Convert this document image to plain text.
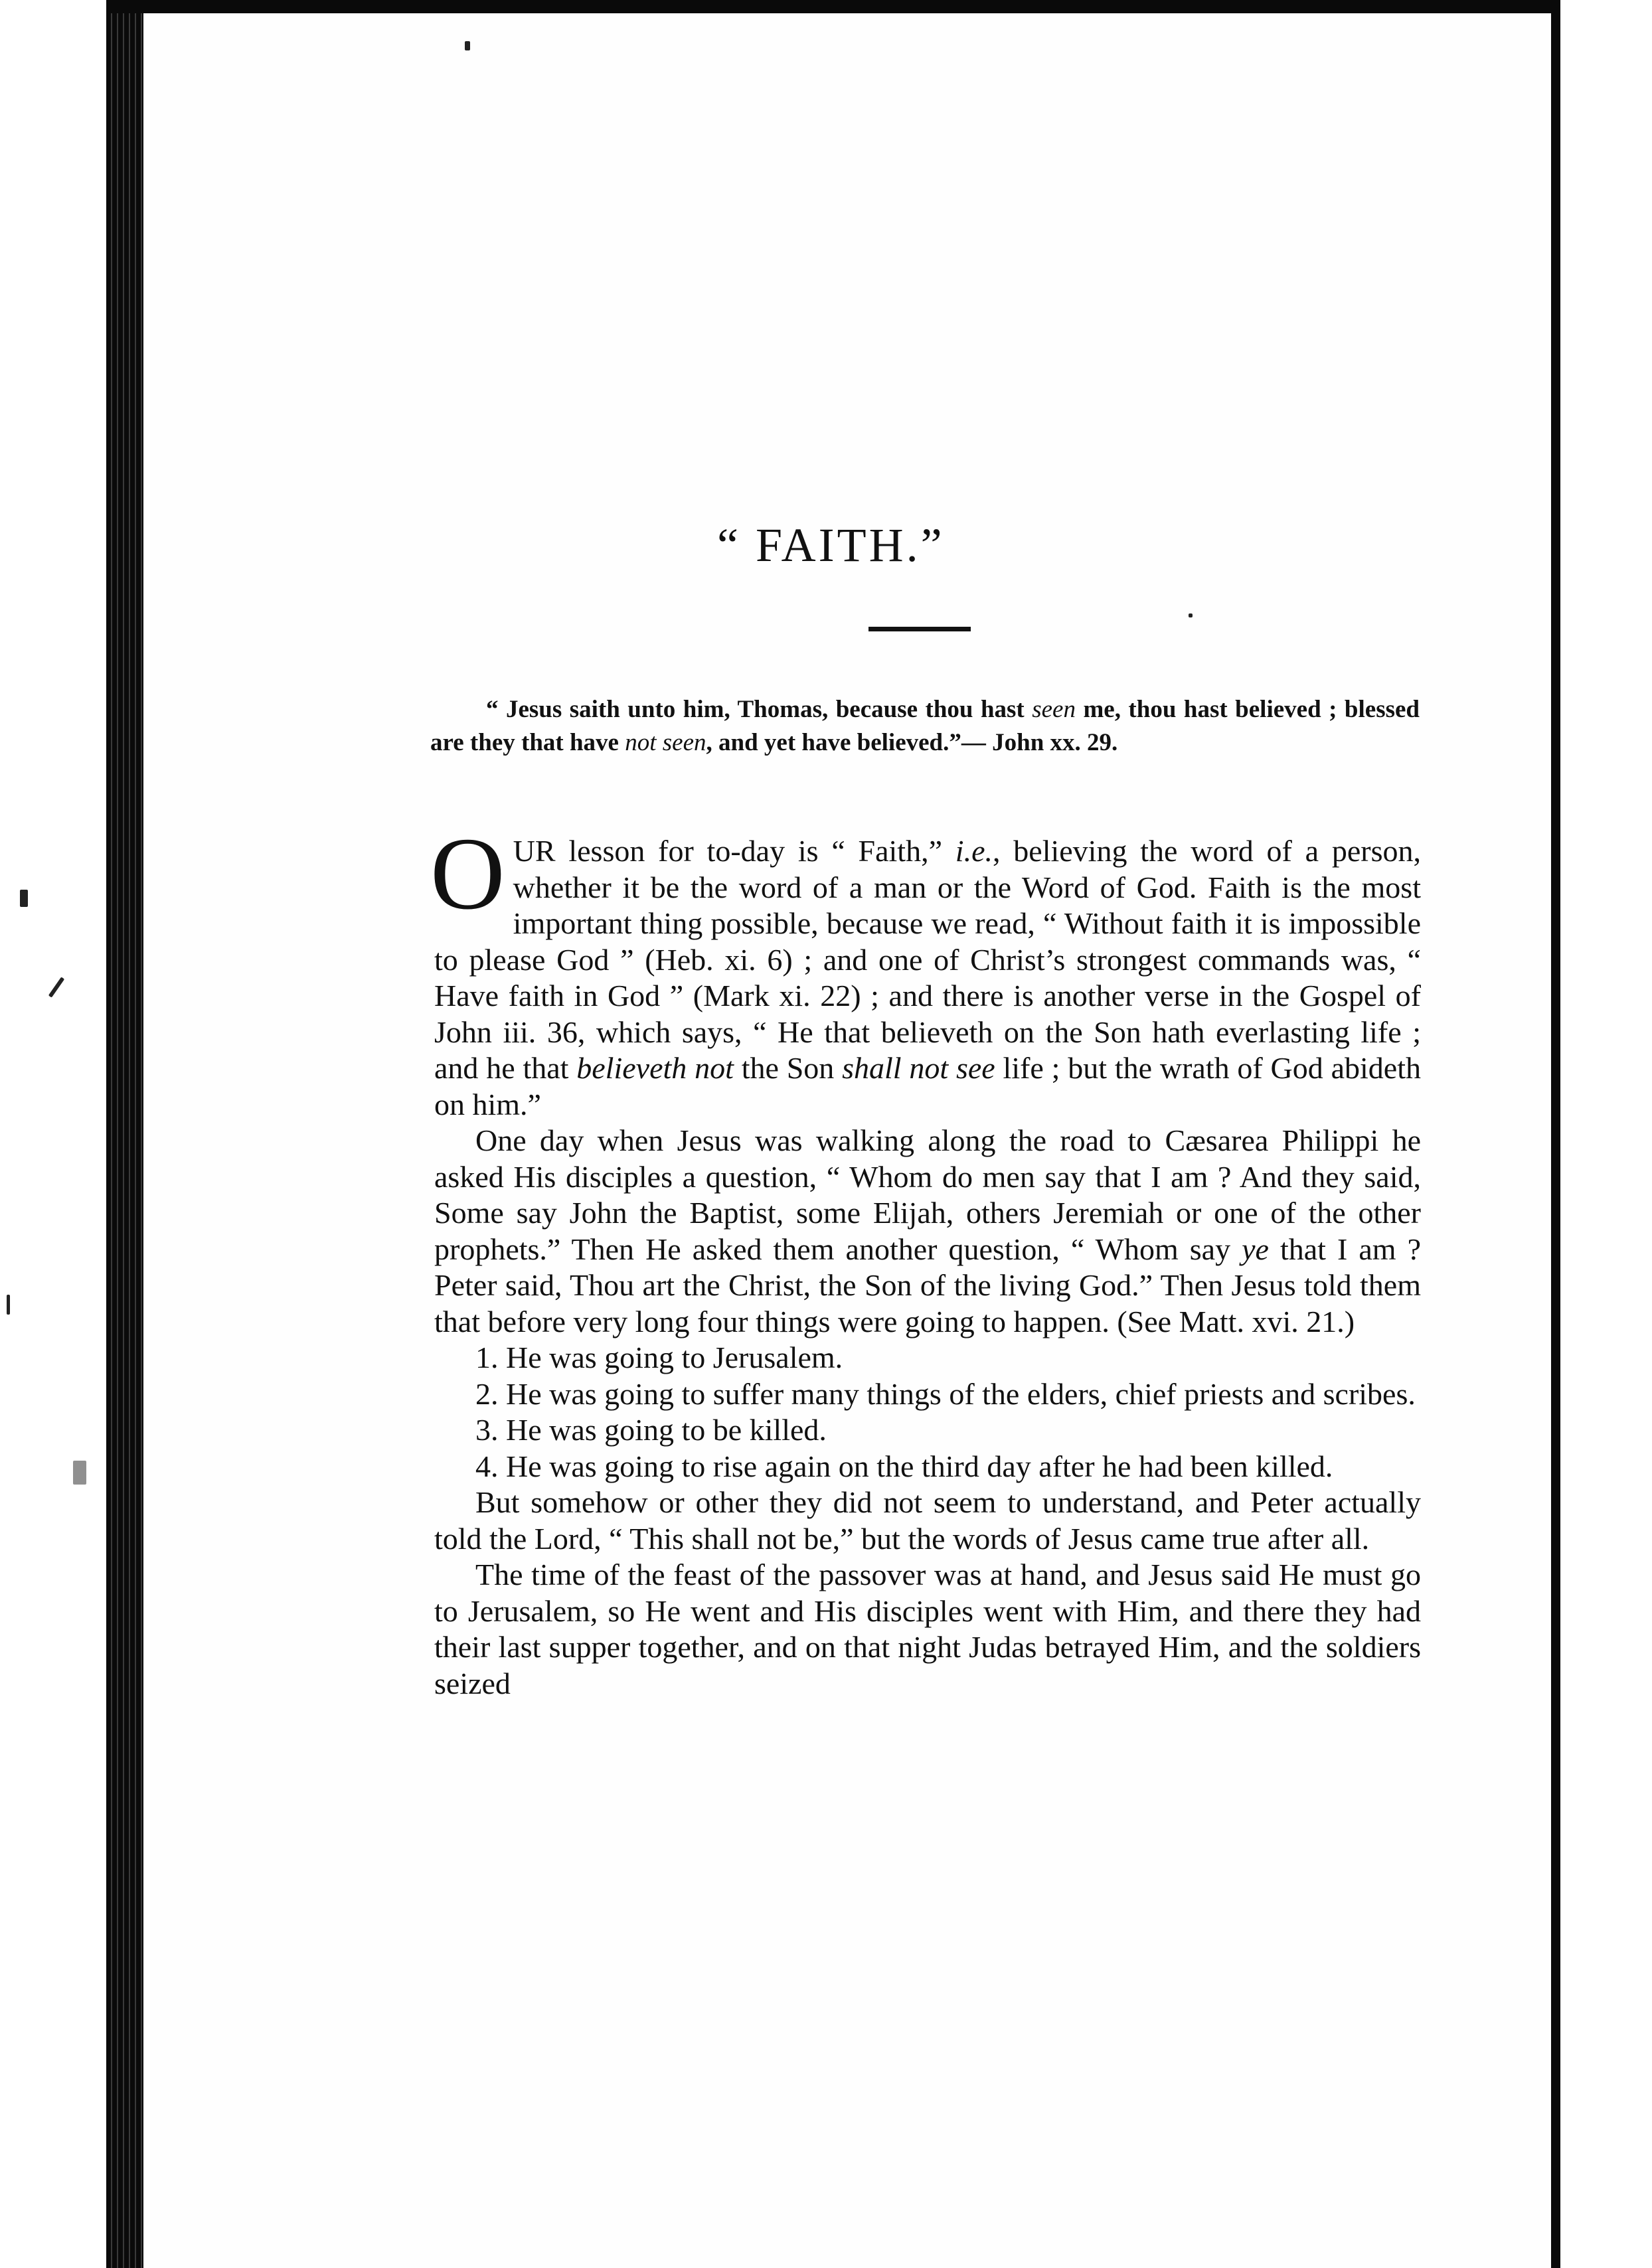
“ FAITH.”
“ Jesus saith unto him, Thomas, because thou hast seen me, thou hast believed ; blessed are they that have not seen, and yet have believed.”— John xx. 29.

OUR lesson for to-day is “ Faith,” i.e., believing the word of a person, whether it be the word of a man or the Word of God. Faith is the most important thing possible, because we read, “ Without faith it is impossible to please God ” (Heb. xi. 6) ; and one of Christ’s strongest commands was, “ Have faith in God ” (Mark xi. 22) ; and there is another verse in the Gospel of John iii. 36, which says, “ He that believeth on the Son hath everlasting life ; and he that believeth not the Son shall not see life ; but the wrath of God abideth on him.”

One day when Jesus was walking along the road to Cæsarea Philippi he asked His disciples a question, “ Whom do men say that I am ? And they said, Some say John the Baptist, some Elijah, others Jeremiah or one of the other prophets.” Then He asked them another question, “ Whom say ye that I am ? Peter said, Thou art the Christ, the Son of the living God.” Then Jesus told them that before very long four things were going to happen. (See Matt. xvi. 21.)

1. He was going to Jerusalem.

2. He was going to suffer many things of the elders, chief priests and scribes.

3. He was going to be killed.

4. He was going to rise again on the third day after he had been killed.

But somehow or other they did not seem to understand, and Peter actually told the Lord, “ This shall not be,” but the words of Jesus came true after all.

The time of the feast of the passover was at hand, and Jesus said He must go to Jerusalem, so He went and His disciples went with Him, and there they had their last supper together, and on that night Judas betrayed Him, and the soldiers seized
